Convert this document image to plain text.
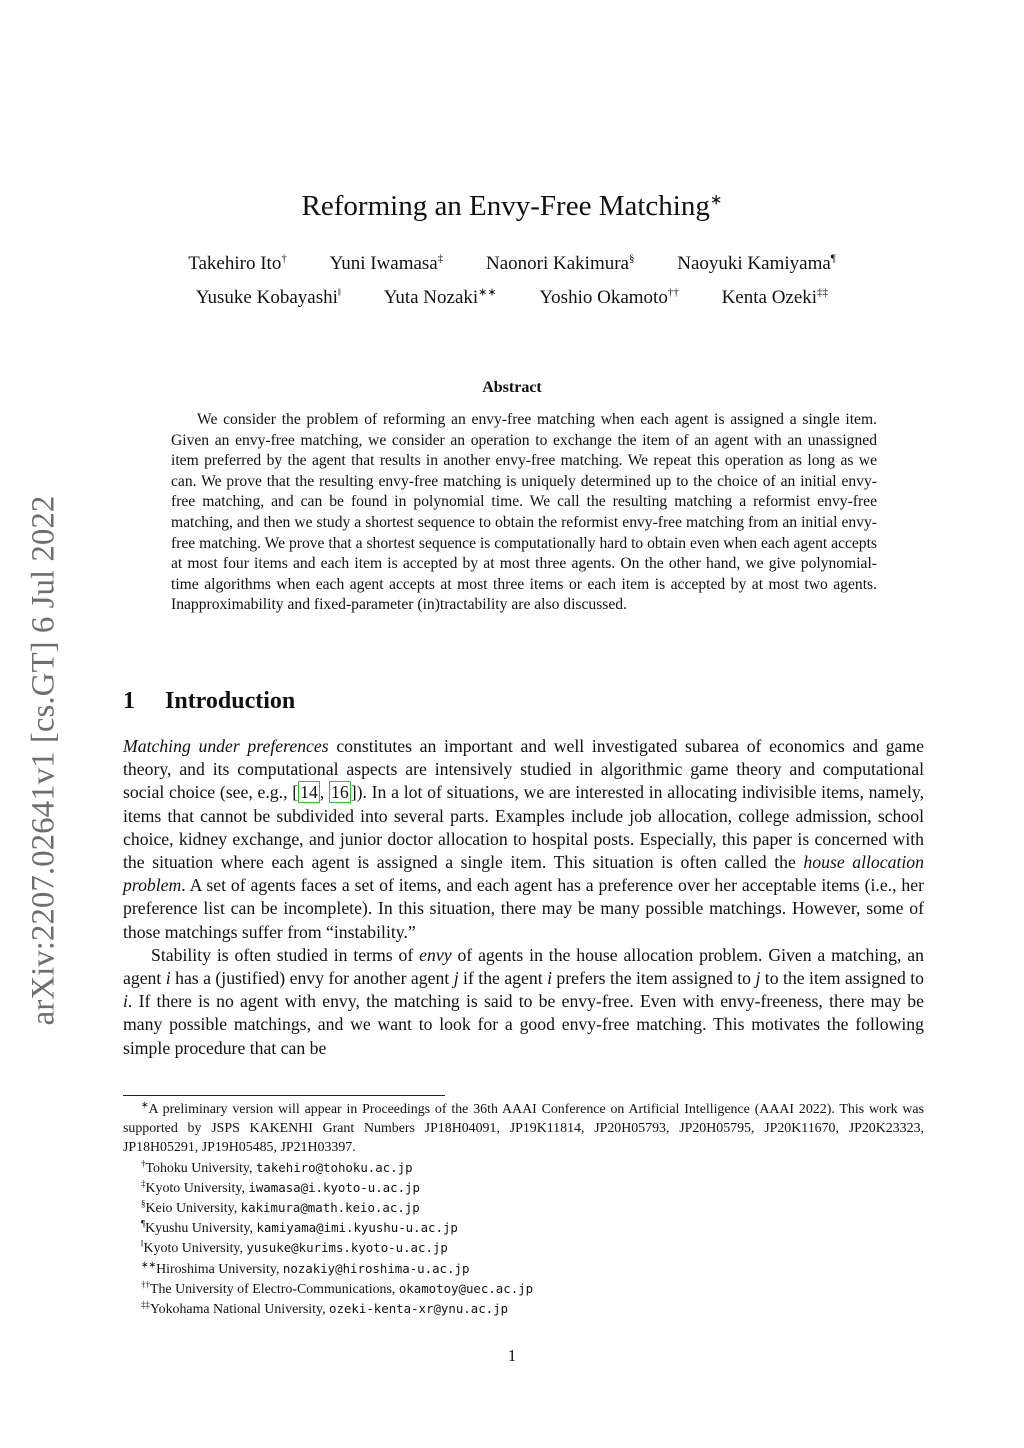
arXiv:2207.02641v1 [cs.GT] 6 Jul 2022
Reforming an Envy-Free Matching∗
Takehiro Ito† Yuni Iwamasa‡ Naonori Kakimura§ Naoyuki Kamiyama¶
Yusuke Kobayashi‖ Yuta Nozaki∗∗ Yoshio Okamoto†† Kenta Ozeki‡‡
Abstract

We consider the problem of reforming an envy-free matching when each agent is assigned a single item. Given an envy-free matching, we consider an operation to exchange the item of an agent with an unassigned item preferred by the agent that results in another envy-free matching. We repeat this operation as long as we can. We prove that the resulting envy-free matching is uniquely determined up to the choice of an initial envy-free matching, and can be found in polynomial time. We call the resulting matching a reformist envy-free matching, and then we study a shortest sequence to obtain the reformist envy-free matching from an initial envy-free matching. We prove that a shortest sequence is computationally hard to obtain even when each agent accepts at most four items and each item is accepted by at most three agents. On the other hand, we give polynomial-time algorithms when each agent accepts at most three items or each item is accepted by at most two agents. Inapproximability and fixed-parameter (in)tractability are also discussed.

1 Introduction

Matching under preferences constitutes an important and well investigated subarea of economics and game theory, and its computational aspects are intensively studied in algorithmic game theory and computational social choice (see, e.g., [ 14 , 16 ]). In a lot of situations, we are interested in allocating indivisible items, namely, items that cannot be subdivided into several parts. Examples include job allocation, college admission, school choice, kidney exchange, and junior doctor allocation to hospital posts. Especially, this paper is concerned with the situation where each agent is assigned a single item. This situation is often called the house allocation problem. A set of agents faces a set of items, and each agent has a preference over her acceptable items (i.e., her preference list can be incomplete). In this situation, there may be many possible matchings. However, some of those matchings suffer from “instability.”

Stability is often studied in terms of envy of agents in the house allocation problem. Given a matching, an agent i has a (justified) envy for another agent j if the agent i prefers the item assigned to j to the item assigned to i. If there is no agent with envy, the matching is said to be envy-free. Even with envy-freeness, there may be many possible matchings, and we want to look for a good envy-free matching. This motivates the following simple procedure that can be

∗A preliminary version will appear in Proceedings of the 36th AAAI Conference on Artificial Intelligence (AAAI 2022). This work was supported by JSPS KAKENHI Grant Numbers JP18H04091, JP19K11814, JP20H05793, JP20H05795, JP20K11670, JP20K23323, JP18H05291, JP19H05485, JP21H03397.
†Tohoku University, takehiro@tohoku.ac.jp
‡Kyoto University, iwamasa@i.kyoto-u.ac.jp
§Keio University, kakimura@math.keio.ac.jp
¶Kyushu University, kamiyama@imi.kyushu-u.ac.jp
‖Kyoto University, yusuke@kurims.kyoto-u.ac.jp
∗∗Hiroshima University, nozakiy@hiroshima-u.ac.jp
††The University of Electro-Communications, okamotoy@uec.ac.jp
‡‡Yokohama National University, ozeki-kenta-xr@ynu.ac.jp
1
